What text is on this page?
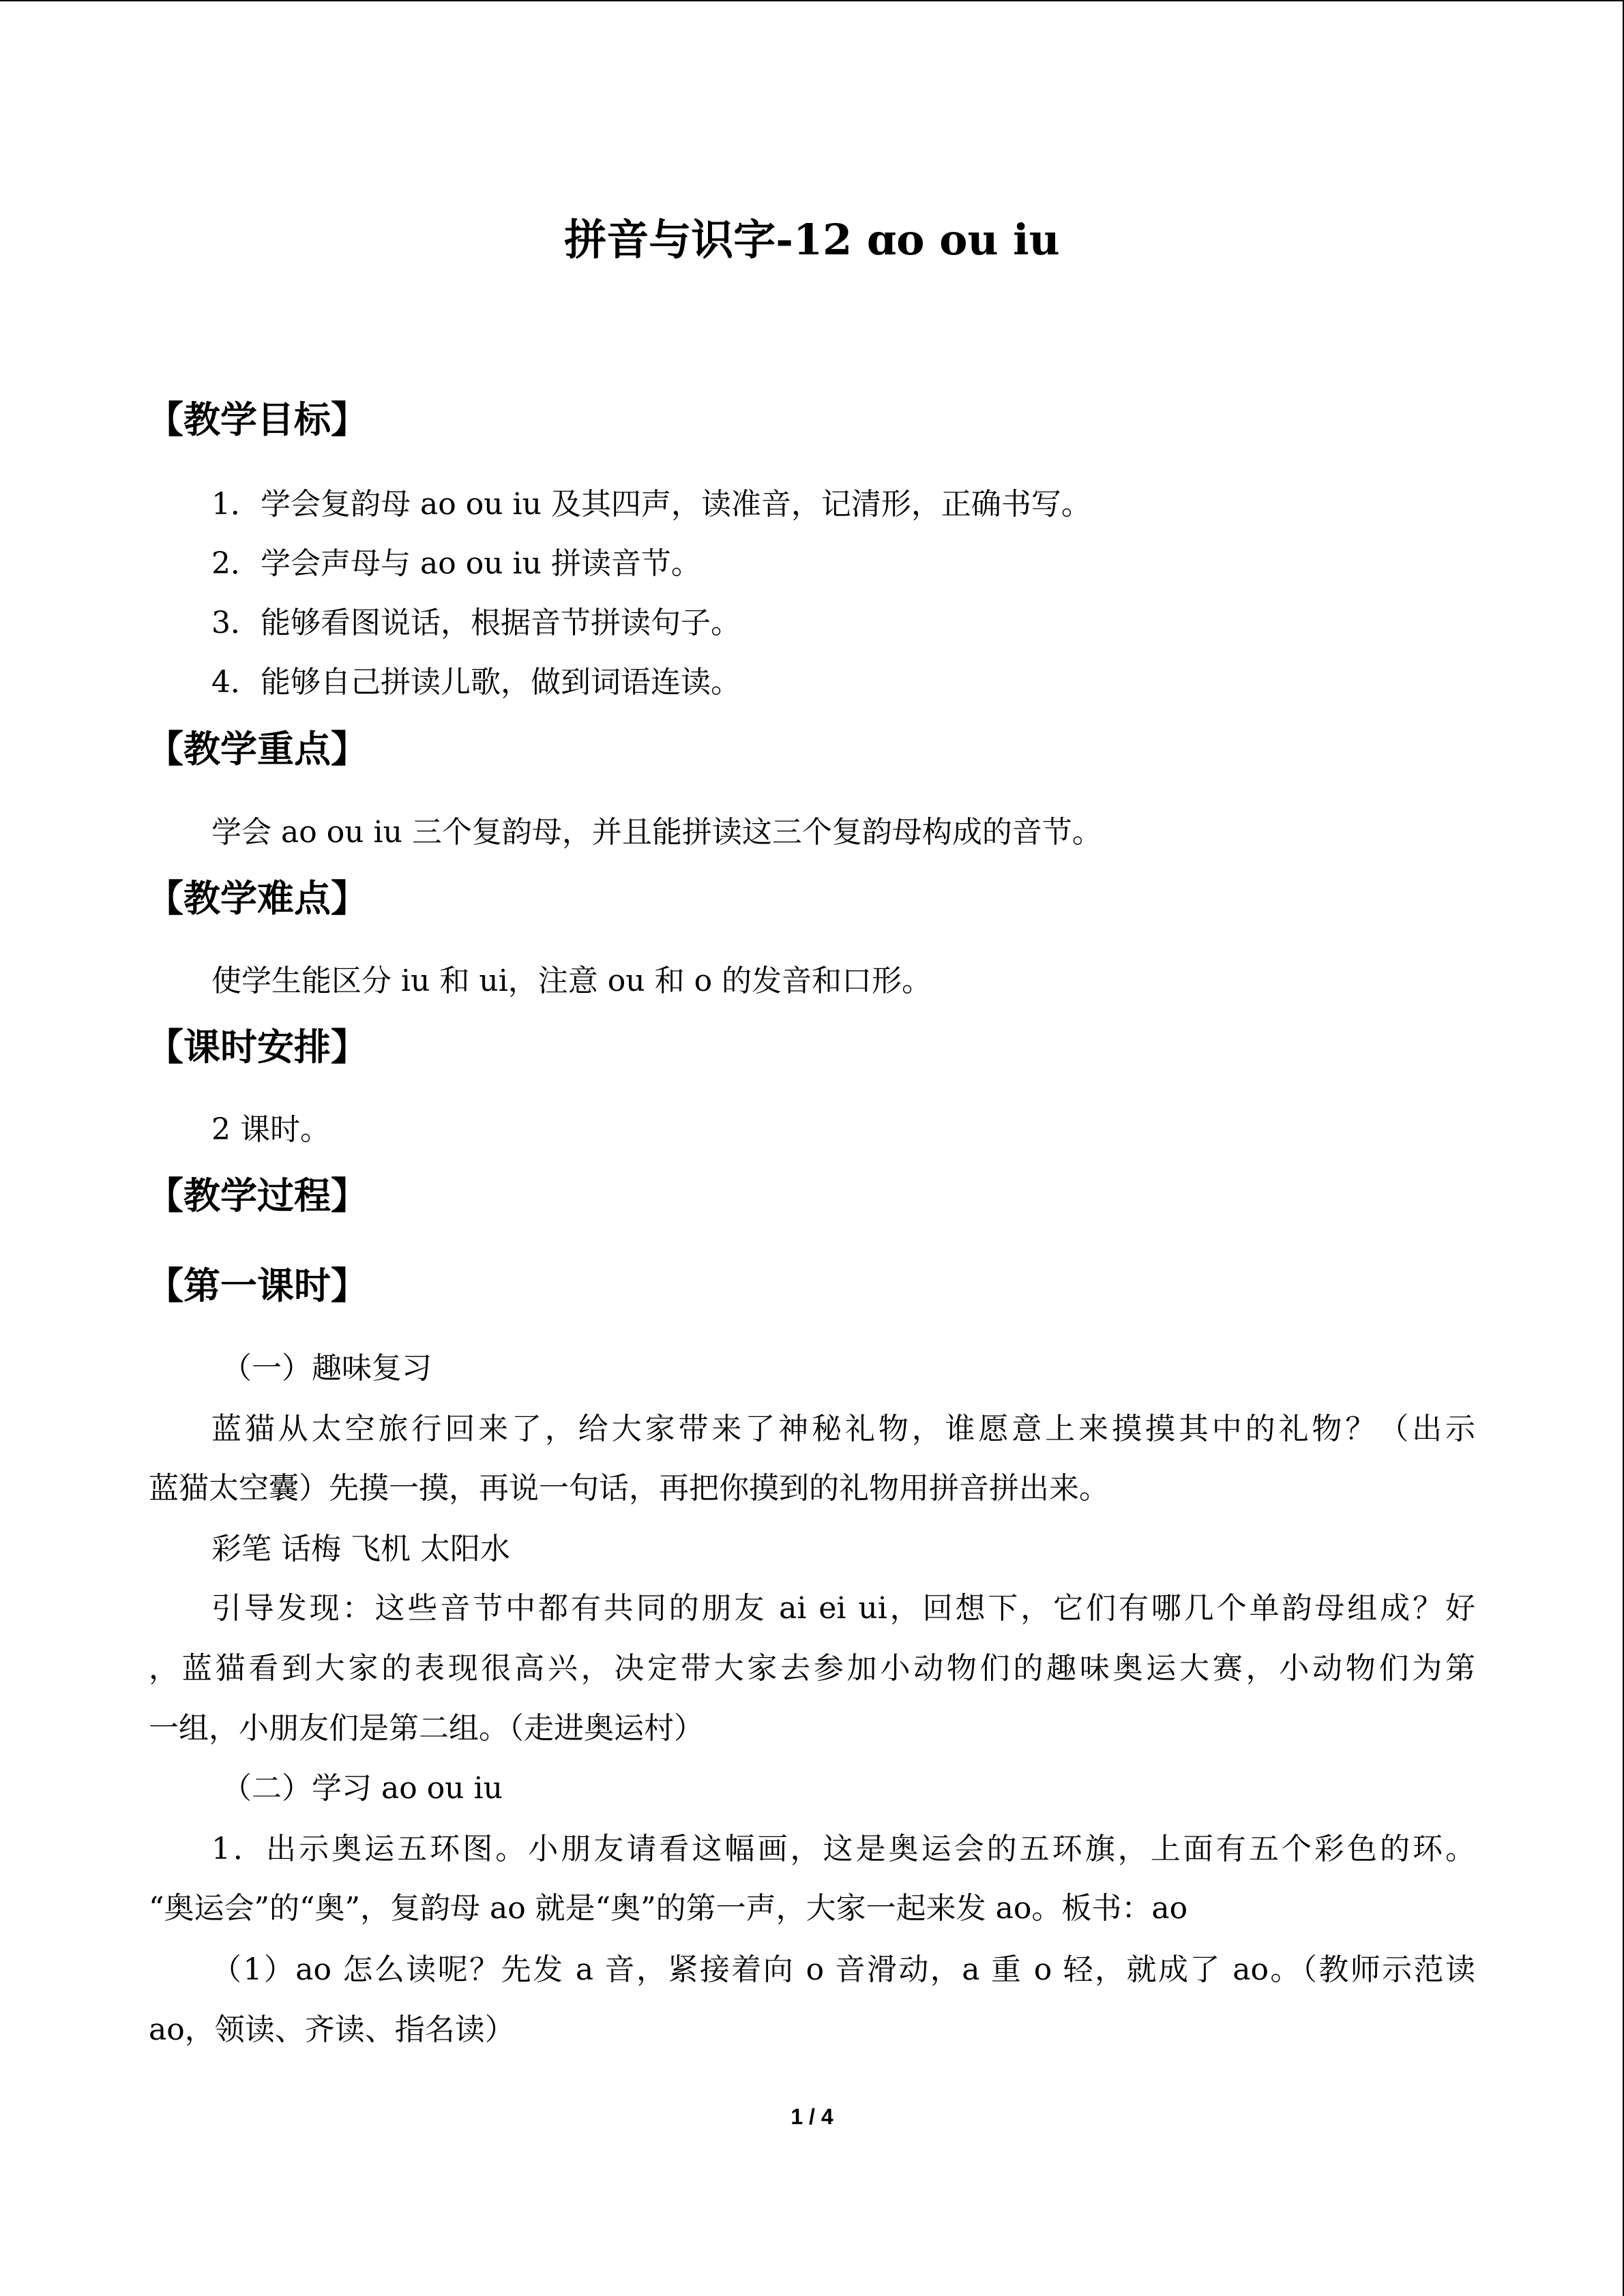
拼音与识字-12 ɑo ou iu
【教学目标】
1．学会复韵母 ao ou iu 及其四声，读准音，记清形，正确书写。
2．学会声母与 ao ou iu 拼读音节。
3．能够看图说话，根据音节拼读句子。
4．能够自己拼读儿歌，做到词语连读。
【教学重点】
学会 ao ou iu 三个复韵母，并且能拼读这三个复韵母构成的音节。
【教学难点】
使学生能区分 iu 和 ui，注意 ou 和 o 的发音和口形。
【课时安排】
2 课时。
【教学过程】
【第一课时】
（一）趣味复习
蓝猫从太空旅行回来了，给大家带来了神秘礼物，谁愿意上来摸摸其中的礼物？（出示
蓝猫太空囊）先摸一摸，再说一句话，再把你摸到的礼物用拼音拼出来。
彩笔 话梅 飞机 太阳水
引导发现：这些音节中都有共同的朋友 ai ei ui，回想下，它们有哪几个单韵母组成？好
，蓝猫看到大家的表现很高兴，决定带大家去参加小动物们的趣味奥运大赛，小动物们为第
一组，小朋友们是第二组。（走进奥运村）
（二）学习 ao ou iu
1．出示奥运五环图。小朋友请看这幅画，这是奥运会的五环旗，上面有五个彩色的环。
“奥运会”的“奥”，复韵母 ao 就是“奥”的第一声，大家一起来发 ao。板书：ao
（1）ao 怎么读呢？先发 a 音，紧接着向 o 音滑动，a 重 o 轻，就成了 ao。（教师示范读
ao，领读、齐读、指名读）
1 / 4
